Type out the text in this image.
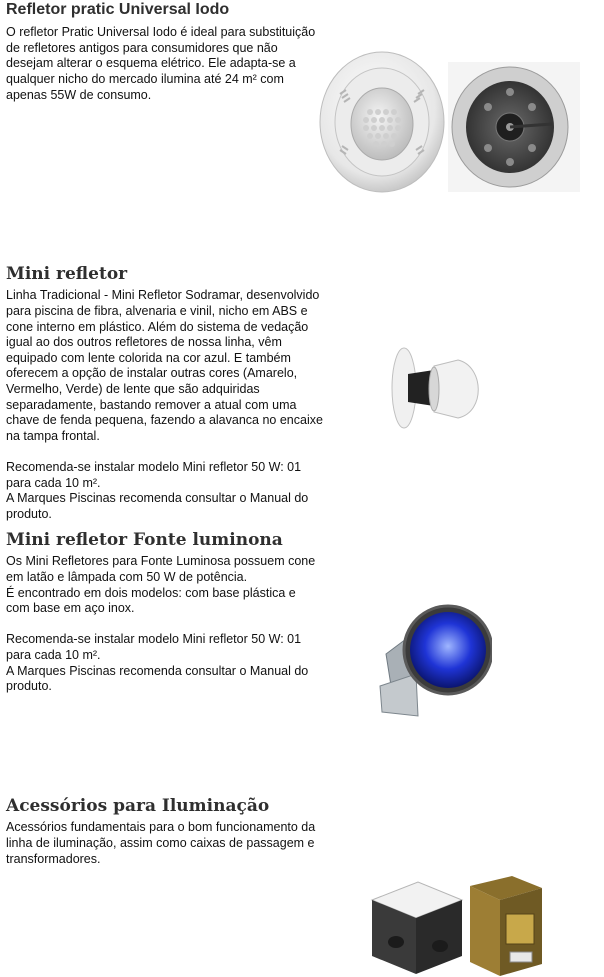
Refletor pratic Universal Iodo

O refletor Pratic Universal Iodo é ideal para substituição
de refletores antigos para consumidores que não
desejam alterar o esquema elétrico. Ele adapta-se a
qualquer nicho do mercado ilumina até 24 m² com
apenas 55W de consumo.

Mini refletor

Linha Tradicional - Mini Refletor Sodramar, desenvolvido
para piscina de fibra, alvenaria e vinil, nicho em ABS e
cone interno em plástico. Além do sistema de vedação
igual ao dos outros refletores de nossa linha, vêm
equipado com lente colorida na cor azul. E também
oferecem a opção de instalar outras cores (Amarelo,
Vermelho, Verde) de lente que são adquiridas
separadamente, bastando remover a atual com uma
chave de fenda pequena, fazendo a alavanca no encaixe
na tampa frontal.

Recomenda-se instalar modelo Mini refletor 50 W: 01
para cada 10 m².
A Marques Piscinas recomenda consultar o Manual do
produto.

Mini refletor Fonte luminona

Os Mini Refletores para Fonte Luminosa possuem cone
em latão e lâmpada com 50 W de potência.
É encontrado em dois modelos: com base plástica e
com base em aço inox.

Recomenda-se instalar modelo Mini refletor 50 W: 01
para cada 10 m².
A Marques Piscinas recomenda consultar o Manual do
produto.

Acessórios para Iluminação

Acessórios fundamentais para o bom funcionamento da
linha de iluminação, assim como caixas de passagem e
transformadores.
